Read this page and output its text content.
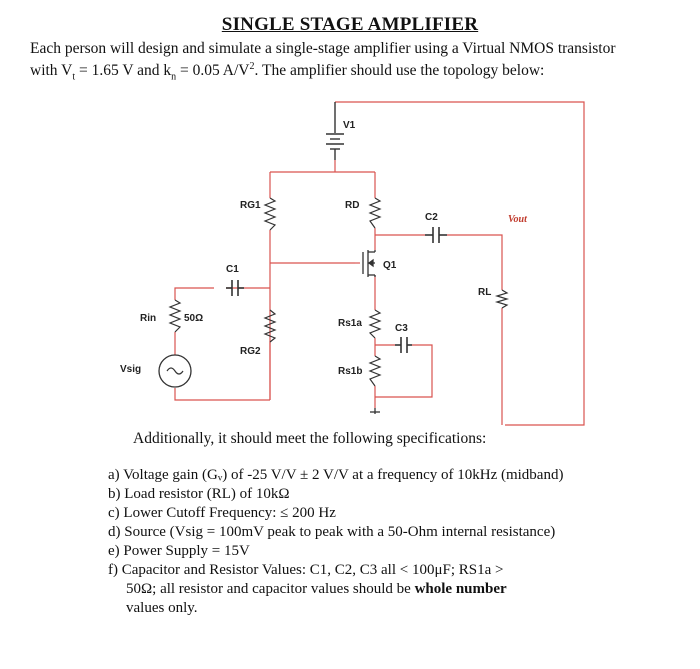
SINGLE STAGE AMPLIFIER
Each person will design and simulate a single-stage amplifier using a Virtual NMOS transistor
with $V_t = 1.65$ V and $k_n = 0.05$ $A/V^2$. The amplifier should use the topology below:
V1
RG1	RD
C2	Vout
C1	Q1
RL
Rin	50Ω	Rs1a	C3
RG2
Vsig	Rs1b
Additionally, it should meet the following specifications:
a) Voltage gain (Gᵥ) of -25 V/V ± 2 V/V at a frequency of 10kHz (midband)
b) Load resistor (RL) of 10kΩ
c) Lower Cutoff Frequency: ≤ 200 Hz
d) Source (Vsig = 100mV peak to peak with a 50-Ohm internal resistance)
e) Power Supply = 15V
f) Capacitor and Resistor Values: C1, C2, C3 all < 100μF; RS1a >
50Ω; all resistor and capacitor values should be whole number
values only.
